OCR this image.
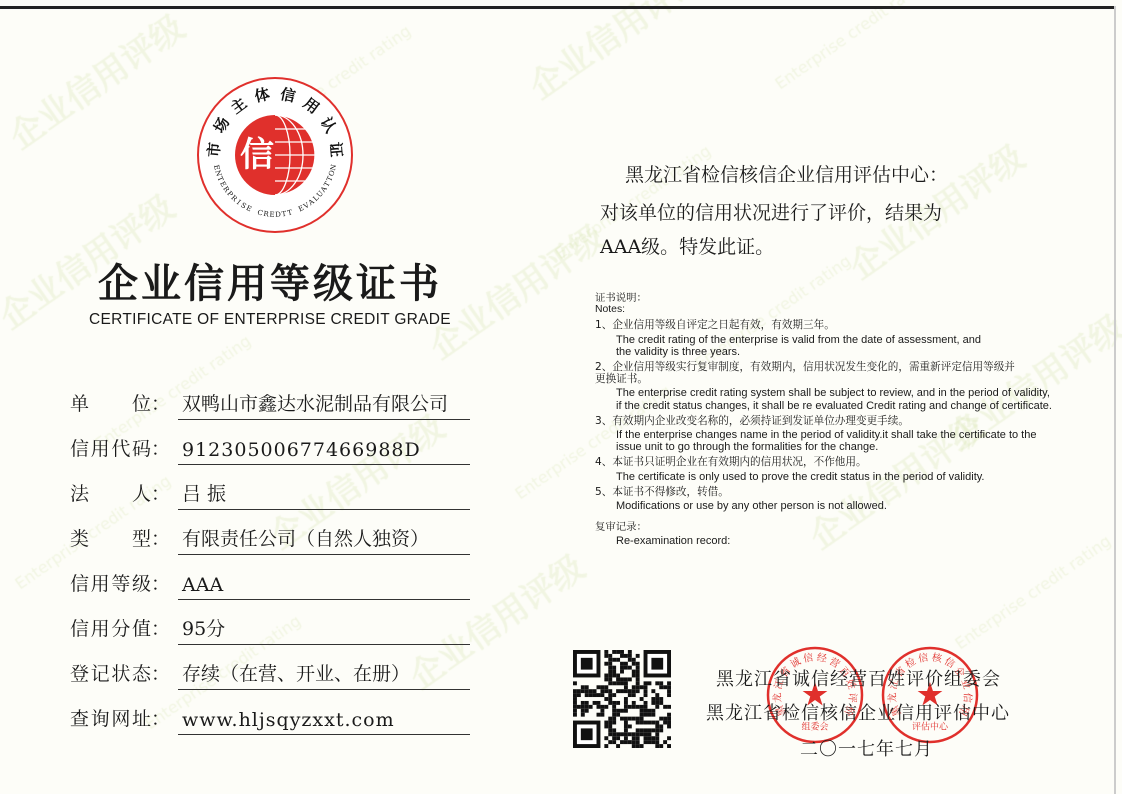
企业信用等级证书
CERTIFICATE OF ENTERPRISE CREDIT GRADE
单 位： 双鸭山市鑫达水泥制品有限公司
信 用 代 码： 91230500677466988D
法 人： 吕 振
类 型： 有限责任公司（自然人独资）
信 用 等 级： AAA
信 用 分 值： 95分
登 记 状 态： 存续（在营、开业、在册）
查 询 网 址： www.hljsqyzxxt.com
黑龙江省检信核信企业信用评估中心：
对该单位的信用状况进行了评价，结果为
AAA级。特发此证。
证书说明：
Notes:
1、企业信用等级自评定之日起有效，有效期三年。
The credit rating of the enterprise is valid from the date of assessment, and the validity is three years.
2、企业信用等级实行复审制度，有效期内，信用状况发生变化的，需重新评定信用等级并更换证书。
The enterprise credit rating system shall be subject to review, and in the period of validity, if the credit status changes, it shall be re evaluated Credit rating and change of certificate.
3、有效期内企业改变名称的，必须持证到发证单位办理变更手续。
If the enterprise changes name in the period of validity.it shall take the certificate to the issue unit to go through the formalities for the change.
4、本证书只证明企业在有效期内的信用状况，不作他用。
The certificate is only used to prove the credit status in the period of validity.
5、本证书不得修改，转借。
Modifications or use by any other person is not allowed.
复审记录：
Re-examination record:
黑龙江省诚信经营百姓评价组委会
黑龙江省检信核信企业信用评估中心
二〇一七年七月
